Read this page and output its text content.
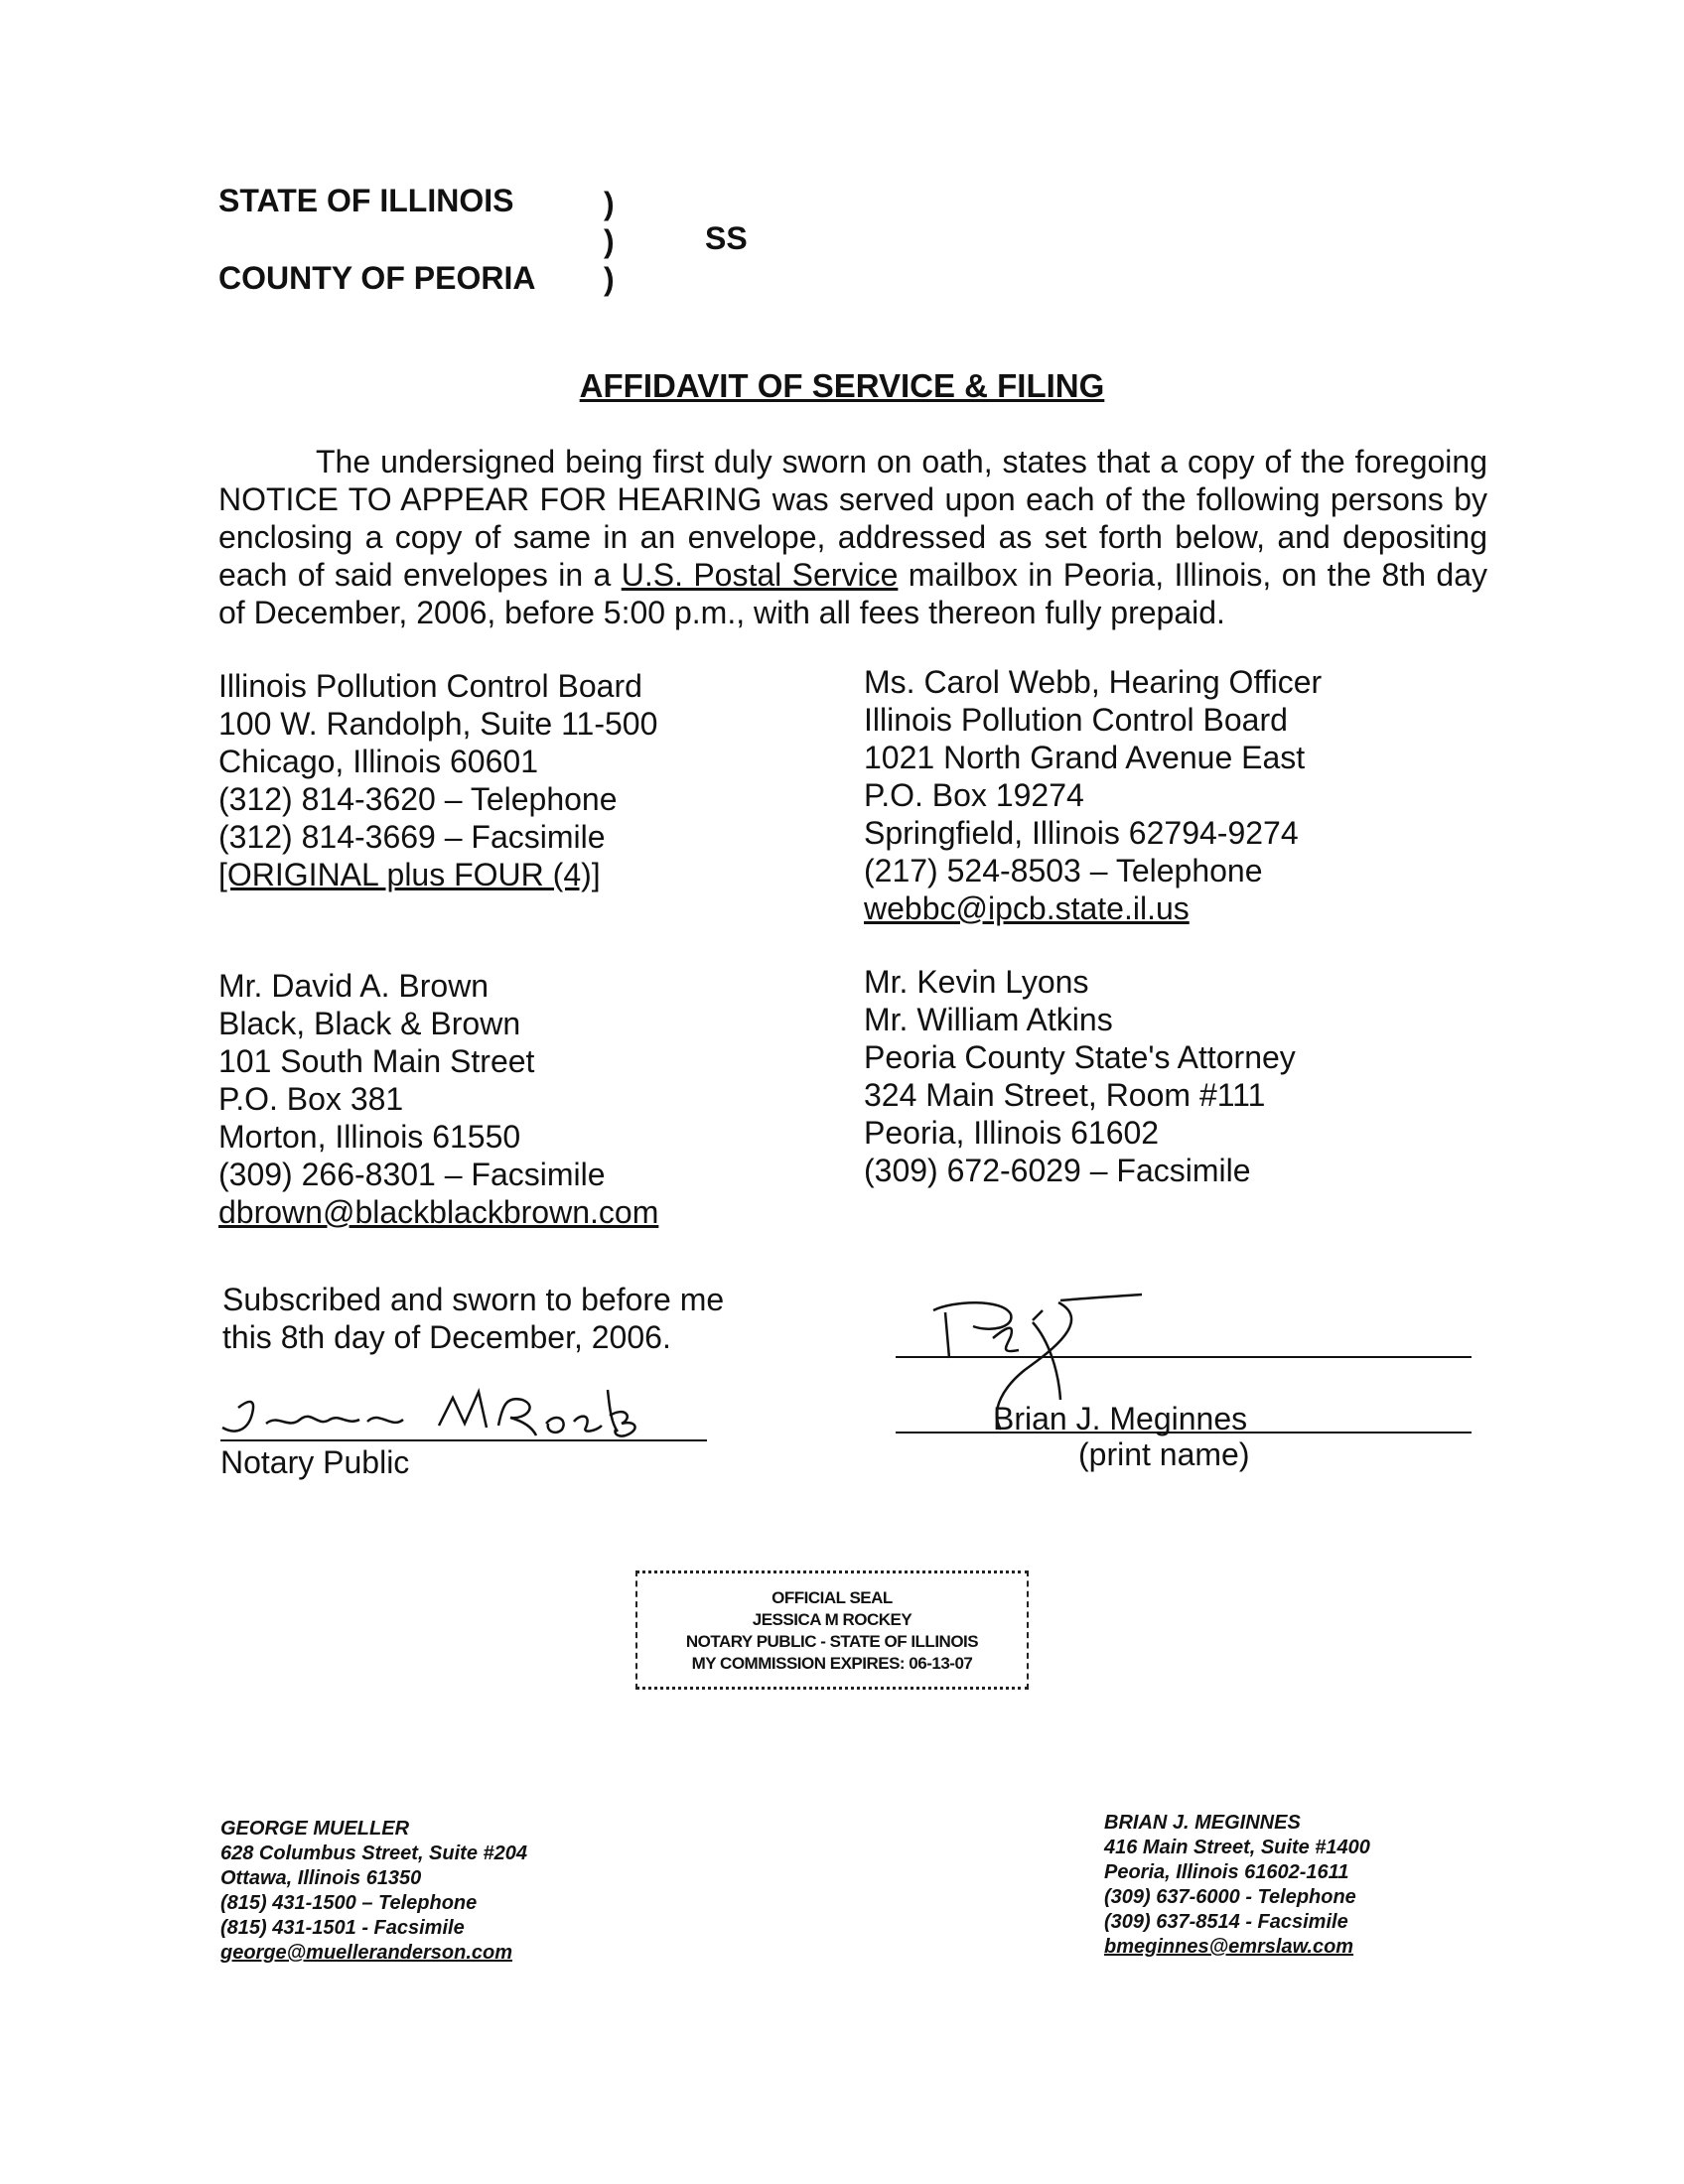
STATE OF ILLINOIS
COUNTY OF PEORIA
)
)
)
SS
AFFIDAVIT OF SERVICE & FILING
The undersigned being first duly sworn on oath, states that a copy of the foregoing NOTICE TO APPEAR FOR HEARING was served upon each of the following persons by enclosing a copy of same in an envelope, addressed as set forth below, and depositing each of said envelopes in a U.S. Postal Service mailbox in Peoria, Illinois, on the 8th day of December, 2006, before 5:00 p.m., with all fees thereon fully prepaid.
Illinois Pollution Control Board
100 W. Randolph, Suite 11-500
Chicago, Illinois 60601
(312) 814-3620 – Telephone
(312) 814-3669 – Facsimile
[ORIGINAL plus FOUR (4)]
Ms. Carol Webb, Hearing Officer
Illinois Pollution Control Board
1021 North Grand Avenue East
P.O. Box 19274
Springfield, Illinois 62794-9274
(217) 524-8503 – Telephone
webbc@ipcb.state.il.us
Mr. David A. Brown
Black, Black & Brown
101 South Main Street
P.O. Box 381
Morton, Illinois 61550
(309) 266-8301 – Facsimile
dbrown@blackblackbrown.com
Mr. Kevin Lyons
Mr. William Atkins
Peoria County State's Attorney
324 Main Street, Room #111
Peoria, Illinois 61602
(309) 672-6029 – Facsimile
Subscribed and sworn to before me
this 8th day of December, 2006.
Notary Public
Brian J. Meginnes
(print name)
OFFICIAL SEAL
JESSICA M ROCKEY
NOTARY PUBLIC - STATE OF ILLINOIS
MY COMMISSION EXPIRES: 06-13-07
GEORGE MUELLER
628 Columbus Street, Suite #204
Ottawa, Illinois 61350
(815) 431-1500 – Telephone
(815) 431-1501 - Facsimile
george@muelleranderson.com
BRIAN J. MEGINNES
416 Main Street, Suite #1400
Peoria, Illinois 61602-1611
(309) 637-6000 - Telephone
(309) 637-8514 - Facsimile
bmeginnes@emrslaw.com
